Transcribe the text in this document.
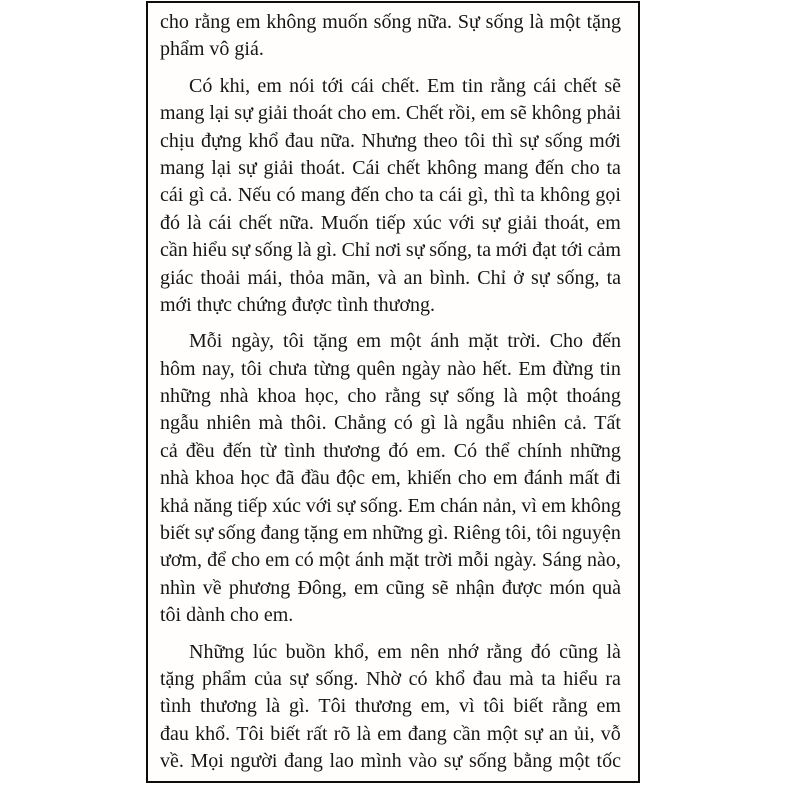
cho rằng em không muốn sống nữa. Sự sống là một tặng
phẩm vô giá.
Có khi, em nói tới cái chết. Em tin rằng cái chết sẽ
mang lại sự giải thoát cho em. Chết rồi, em sẽ không phải
chịu đựng khổ đau nữa. Nhưng theo tôi thì sự sống mới
mang lại sự giải thoát. Cái chết không mang đến cho ta
cái gì cả. Nếu có mang đến cho ta cái gì, thì ta không gọi
đó là cái chết nữa. Muốn tiếp xúc với sự giải thoát, em
cần hiểu sự sống là gì. Chỉ nơi sự sống, ta mới đạt tới cảm
giác thoải mái, thỏa mãn, và an bình. Chỉ ở sự sống, ta
mới thực chứng được tình thương.
Mỗi ngày, tôi tặng em một ánh mặt trời. Cho đến
hôm nay, tôi chưa từng quên ngày nào hết. Em đừng tin
những nhà khoa học, cho rằng sự sống là một thoáng
ngẫu nhiên mà thôi. Chẳng có gì là ngẫu nhiên cả. Tất
cả đều đến từ tình thương đó em. Có thể chính những
nhà khoa học đã đầu độc em, khiến cho em đánh mất đi
khả năng tiếp xúc với sự sống. Em chán nản, vì em không
biết sự sống đang tặng em những gì. Riêng tôi, tôi nguyện
ươm, để cho em có một ánh mặt trời mỗi ngày. Sáng nào,
nhìn về phương Đông, em cũng sẽ nhận được món quà
tôi dành cho em.
Những lúc buồn khổ, em nên nhớ rằng đó cũng là
tặng phẩm của sự sống. Nhờ có khổ đau mà ta hiểu ra
tình thương là gì. Tôi thương em, vì tôi biết rằng em
đau khổ. Tôi biết rất rõ là em đang cần một sự an ủi, vỗ
về. Mọi người đang lao mình vào sự sống bằng một tốc
